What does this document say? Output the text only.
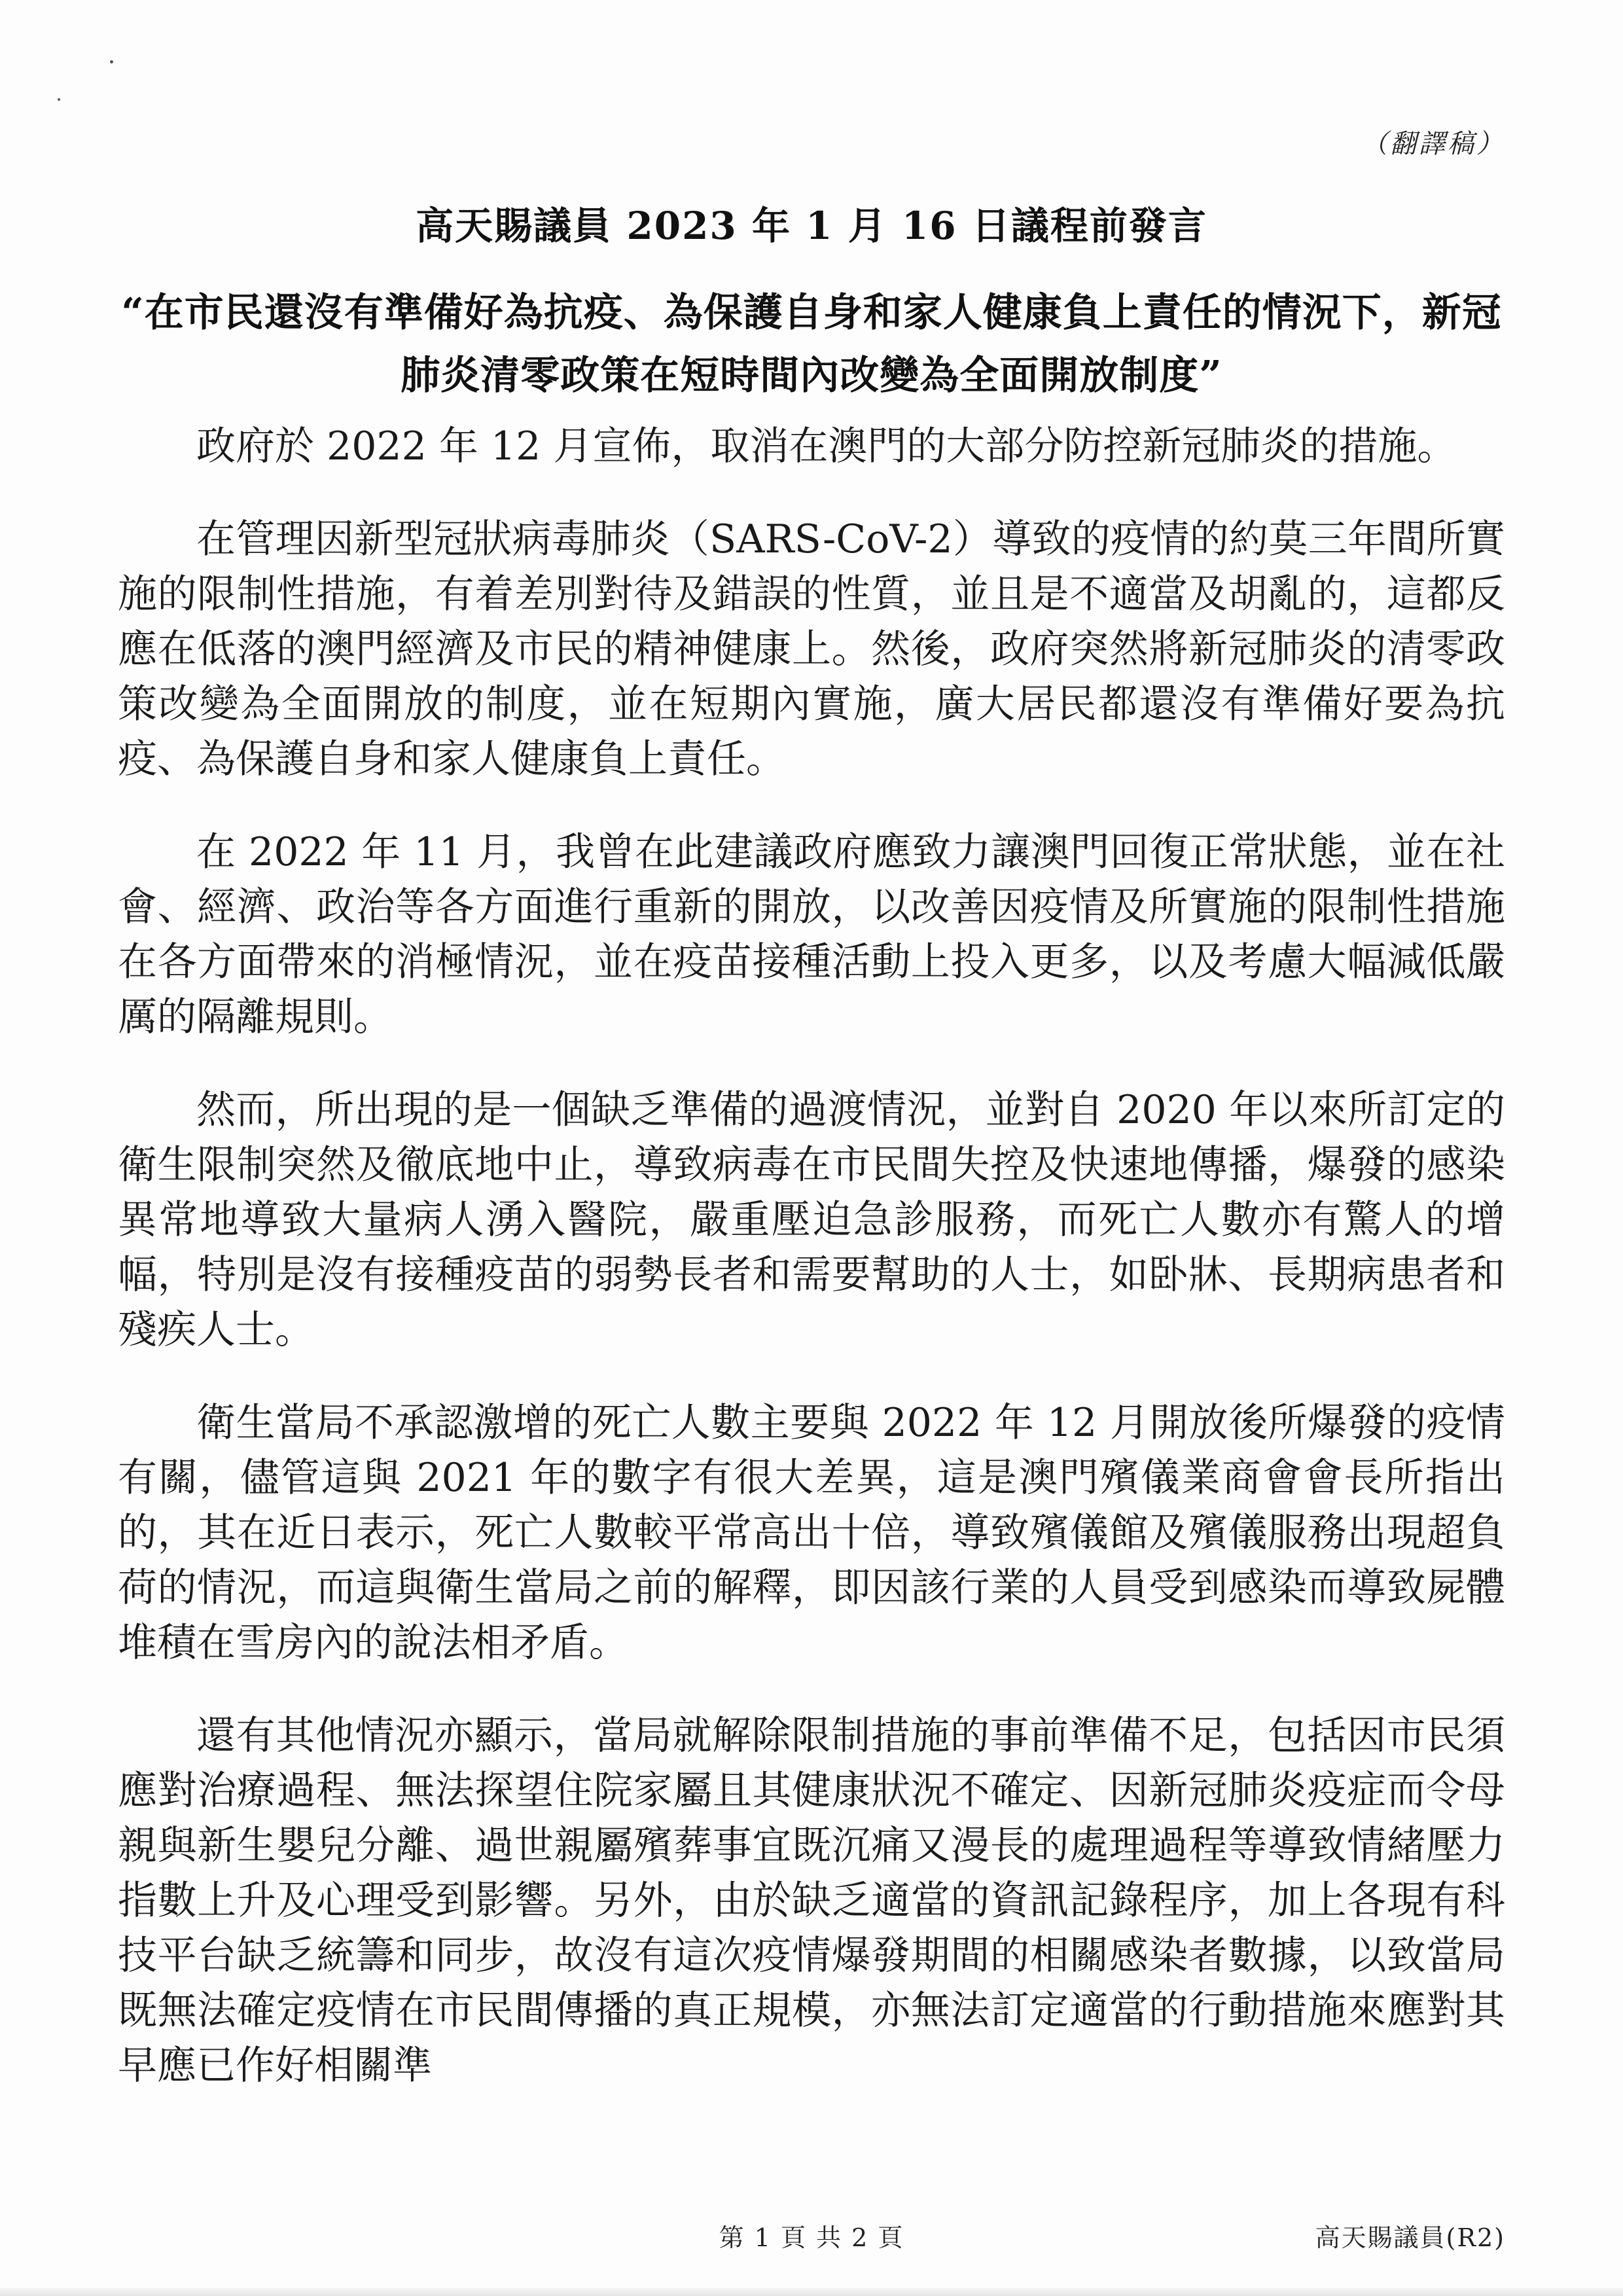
（翻譯稿）
高天賜議員 2023 年 1 月 16 日議程前發言
“在市民還沒有準備好為抗疫、為保護自身和家人健康負上責任的情況下，新冠肺炎清零政策在短時間內改變為全面開放制度”

政府於 2022 年 12 月宣佈，取消在澳門的大部分防控新冠肺炎的措施。

在管理因新型冠狀病毒肺炎（SARS-CoV-2）導致的疫情的約莫三年間所實施的限制性措施，有着差別對待及錯誤的性質，並且是不適當及胡亂的，這都反應在低落的澳門經濟及市民的精神健康上。然後，政府突然將新冠肺炎的清零政策改變為全面開放的制度，並在短期內實施，廣大居民都還沒有準備好要為抗疫、為保護自身和家人健康負上責任。

在 2022 年 11 月，我曾在此建議政府應致力讓澳門回復正常狀態，並在社會、經濟、政治等各方面進行重新的開放，以改善因疫情及所實施的限制性措施在各方面帶來的消極情況，並在疫苗接種活動上投入更多，以及考慮大幅減低嚴厲的隔離規則。

然而，所出現的是一個缺乏準備的過渡情況，並對自 2020 年以來所訂定的衛生限制突然及徹底地中止，導致病毒在市民間失控及快速地傳播，爆發的感染異常地導致大量病人湧入醫院，嚴重壓迫急診服務，而死亡人數亦有驚人的增幅，特別是沒有接種疫苗的弱勢長者和需要幫助的人士，如卧牀、長期病患者和殘疾人士。

衛生當局不承認激增的死亡人數主要與 2022 年 12 月開放後所爆發的疫情有關，儘管這與 2021 年的數字有很大差異，這是澳門殯儀業商會會長所指出的，其在近日表示，死亡人數較平常高出十倍，導致殯儀館及殯儀服務出現超負荷的情況，而這與衛生當局之前的解釋，即因該行業的人員受到感染而導致屍體堆積在雪房內的說法相矛盾。

還有其他情況亦顯示，當局就解除限制措施的事前準備不足，包括因市民須應對治療過程、無法探望住院家屬且其健康狀況不確定、因新冠肺炎疫症而令母親與新生嬰兒分離、過世親屬殯葬事宜既沉痛又漫長的處理過程等導致情緒壓力指數上升及心理受到影響。另外，由於缺乏適當的資訊記錄程序，加上各現有科技平台缺乏統籌和同步，故沒有這次疫情爆發期間的相關感染者數據，以致當局既無法確定疫情在市民間傳播的真正規模，亦無法訂定適當的行動措施來應對其早應已作好相關準

第 1 頁 共 2 頁	高天賜議員(R2)
